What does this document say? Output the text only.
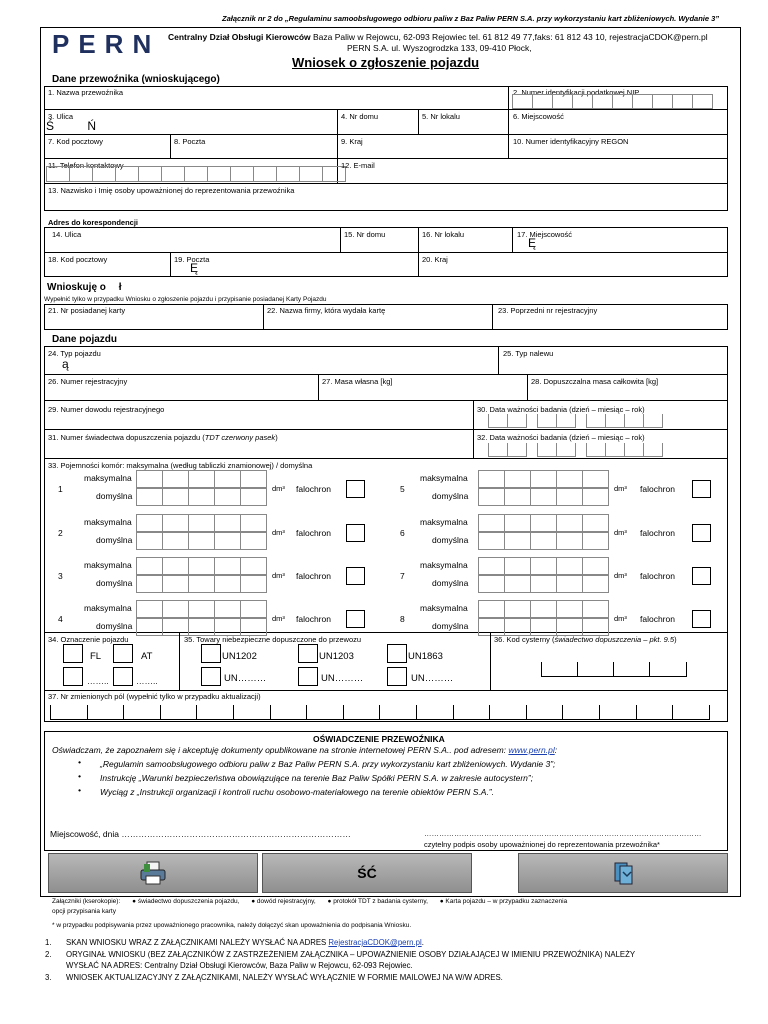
Załącznik nr 2 do „Regulaminu samoobsługowego odbioru paliw z Baz Paliw PERN S.A. przy wykorzystaniu kart zbliżeniowych. Wydanie 3”
PERN Centralny Dział Obsługi Kierowców Baza Paliw w Rejowcu, 62-093 Rejowiec tel. 61 812 49 77,faks: 61 812 43 10, rejestracjaCDOK@pern.pl
PERN S.A. ul. Wyszogrodzka 133, 09-410 Płock,
Wniosek o zgłoszenie pojazdu
Dane przewoźnika (wnioskującego)
1. Nazwa przewoźnika	2. Numer identyfikacji podatkowej NIP
3. Ulica
Ś          Ń
4. Nr domu	5. Nr lokalu	6. Miejscowość
7. Kod pocztowy	8. Poczta	9. Kraj	10. Numer identyfikacyjny REGON
11. Telefon kontaktowy	12. E-mail
13. Nazwisko i Imię osoby upoważnionej do reprezentowania przewoźnika
Adres do korespondencji
14. Ulica	15. Nr domu	16. Nr lokalu	17. Miejscowość
Ę
18. Kod pocztowy	19. Poczta
Ę
20. Kraj
Wnioskuję o ł
Wypełnić tylko w przypadku Wniosku o zgłoszenie pojazdu i przypisanie posiadanej Karty Pojazdu
21. Nr posiadanej karty	22. Nazwa firmy, która wydała kartę	23. Poprzedni nr rejestracyjny
Dane pojazdu
24. Typ pojazdu
ą
25. Typ nalewu
26. Numer rejestracyjny	27. Masa własna [kg]	28. Dopuszczalna masa całkowita [kg]
29. Numer dowodu rejestracyjnego	30. Data ważności badania (dzień – miesiąc – rok)
31. Numer świadectwa dopuszczenia pojazdu (TDT czerwony pasek)	32. Data ważności badania (dzień – miesiąc – rok)
33. Pojemności komór: maksymalna (według tabliczki znamionowej) / domyślna
1
maksymalna
domyślna
dm³ falochron
2
maksymalna
domyślna
dm³ falochron
3
maksymalna
domyślna
dm³ falochron
4
maksymalna
domyślna
dm³ falochron
5
maksymalna
domyślna
dm³ falochron
6
maksymalna
domyślna
dm³ falochron
7
maksymalna
domyślna
dm³ falochron
8
maksymalna
domyślna
dm³ falochron
34. Oznaczenie pojazdu	35. Towary niebezpieczne dopuszczone do przewozu	36. Kod cysterny (świadectwo dopuszczenia – pkt. 9.5)
FL	AT
……..	……..
UN1202	UN1203	UN1863
UN………	UN………	UN………
37. Nr zmienionych pól (wypełnić tylko w przypadku aktualizacji)
OŚWIADCZENIE PRZEWOŹNIKA
Oświadczam, że zapoznałem się i akceptuję dokumenty opublikowane na stronie internetowej PERN S.A.. pod adresem: www.pern.pl:
• „Regulamin samoobsługowego odbioru paliw z Baz Paliw PERN S.A. przy wykorzystaniu kart zbliżeniowych. Wydanie 3”;
• Instrukcję „Warunki bezpieczeństwa obowiązujące na terenie Baz Paliw Spółki PERN S.A. w zakresie autocystern”;
• Wyciąg z „Instrukcji organizacji i kontroli ruchu osobowo-materiałowego na terenie obiektów PERN S.A.”.
Miejscowość, dnia ………………………………………………………………………	…………………………………………………………………………………………………
czytelny podpis osoby upoważnionej do reprezentowania przewoźnika*
ŚĆ
Załączniki (kserokopie): ● świadectwo dopuszczenia pojazdu, ● dowód rejestracyjny, ● protokół TDT z badania cysterny, ● Karta pojazdu – w przypadku zaznaczenia
opcji przypisania karty
* w przypadku podpisywania przez upoważnionego pracownika, należy dołączyć skan upoważnienia do podpisania Wniosku.
1. SKAN WNIOSKU WRAZ Z ZAŁĄCZNIKAMI NALEŻY WYSŁAĆ NA ADRES RejestracjaCDOK@pern.pl.
2. ORYGINAŁ WNIOSKU (BEZ ZAŁĄCZNIKÓW Z ZASTRZEŻENIEM ZAŁĄCZNIKA – UPOWAŻNIENIE OSOBY DZIAŁAJĄCEJ W IMIENIU PRZEWOŹNIKA) NALEŻY
WYSŁAĆ NA ADRES: Centralny Dział Obsługi Kierowców, Baza Paliw w Rejowcu, 62-093 Rejowiec.
3. WNIOSEK AKTUALIZACYJNY Z ZAŁĄCZNIKAMI, NALEŻY WYSŁAĆ WYŁĄCZNIE W FORMIE MAILOWEJ NA W/W ADRES.
